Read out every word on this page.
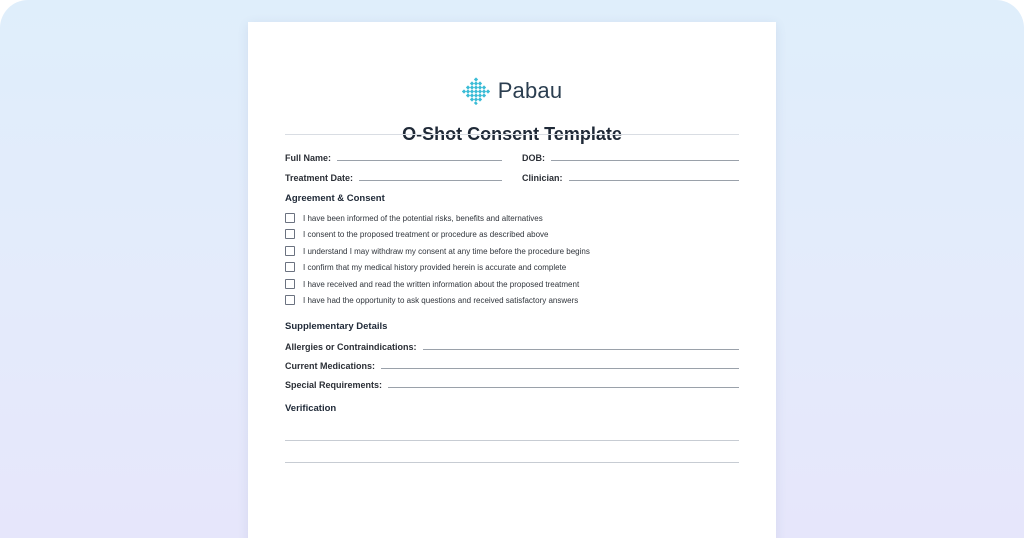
Pabau
O-Shot Consent Template
Full Name:	DOB:
Treatment Date:	Clinician:
Agreement & Consent
I have been informed of the potential risks, benefits and alternatives
I consent to the proposed treatment or procedure as described above
I understand I may withdraw my consent at any time before the procedure begins
I confirm that my medical history provided herein is accurate and complete
I have received and read the written information about the proposed treatment
I have had the opportunity to ask questions and received satisfactory answers
Supplementary Details
Allergies or Contraindications:
Current Medications:
Special Requirements:
Verification
